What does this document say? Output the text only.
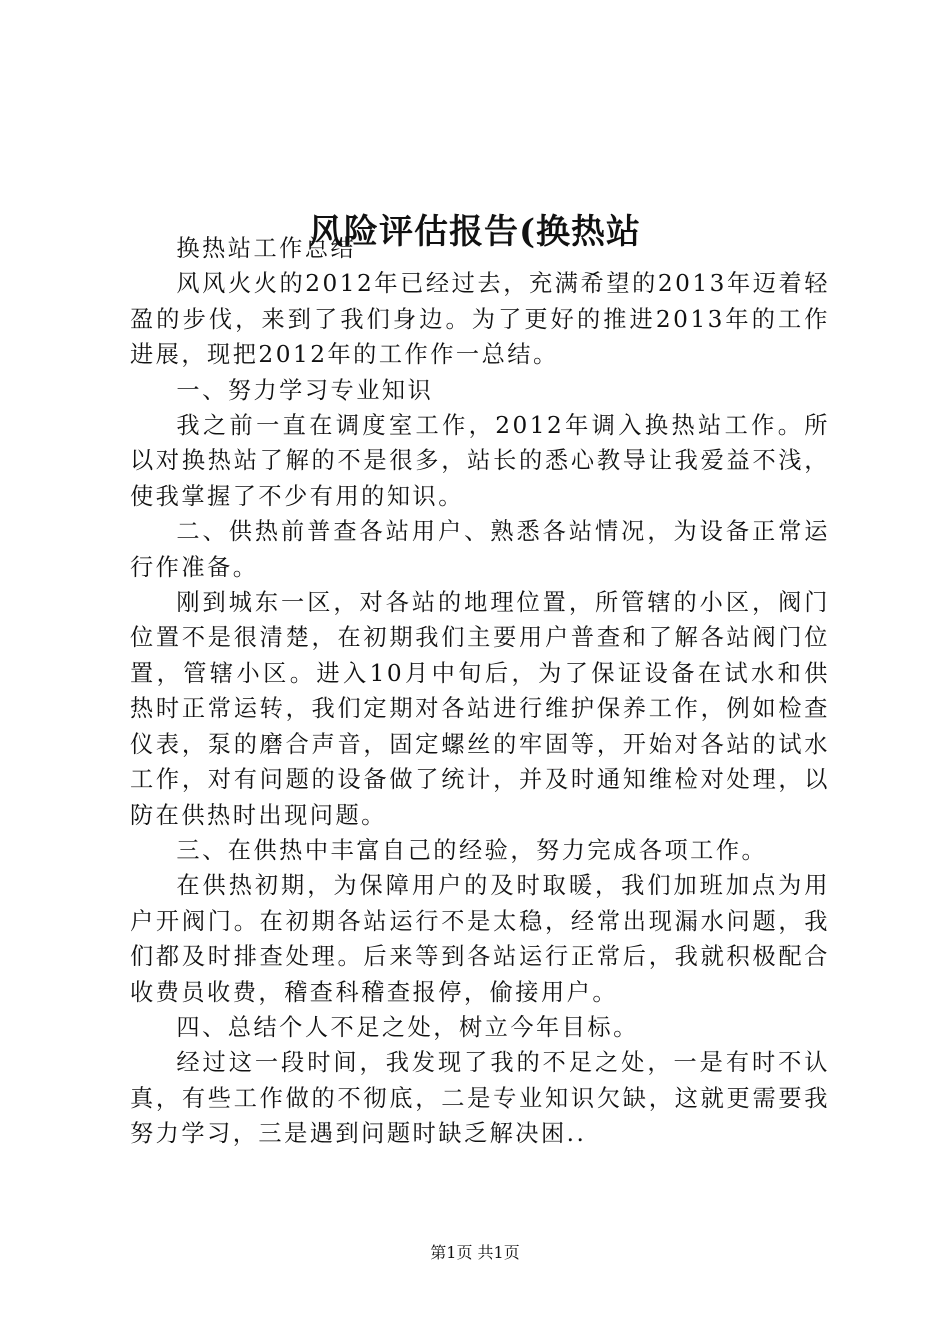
风险评估报告(换热站

换热站工作总结

风风火火的2012年已经过去，充满希望的2013年迈着轻盈的步伐，来到了我们身边。为了更好的推进2013年的工作进展，现把2012年的工作作一总结。

一、努力学习专业知识

我之前一直在调度室工作，2012年调入换热站工作。所以对换热站了解的不是很多，站长的悉心教导让我爱益不浅，使我掌握了不少有用的知识。

二、供热前普查各站用户、熟悉各站情况，为设备正常运行作准备。

刚到城东一区，对各站的地理位置，所管辖的小区，阀门位置不是很清楚，在初期我们主要用户普查和了解各站阀门位置，管辖小区。进入10月中旬后，为了保证设备在试水和供热时正常运转，我们定期对各站进行维护保养工作，例如检查仪表，泵的磨合声音，固定螺丝的牢固等，开始对各站的试水工作，对有问题的设备做了统计，并及时通知维检对处理，以防在供热时出现问题。

三、在供热中丰富自己的经验，努力完成各项工作。

在供热初期，为保障用户的及时取暖，我们加班加点为用户开阀门。在初期各站运行不是太稳，经常出现漏水问题，我们都及时排查处理。后来等到各站运行正常后，我就积极配合收费员收费，稽查科稽查报停，偷接用户。

四、总结个人不足之处，树立今年目标。

经过这一段时间，我发现了我的不足之处，一是有时不认真，有些工作做的不彻底，二是专业知识欠缺，这就更需要我努力学习，三是遇到问题时缺乏解决困..

第1页 共1页
